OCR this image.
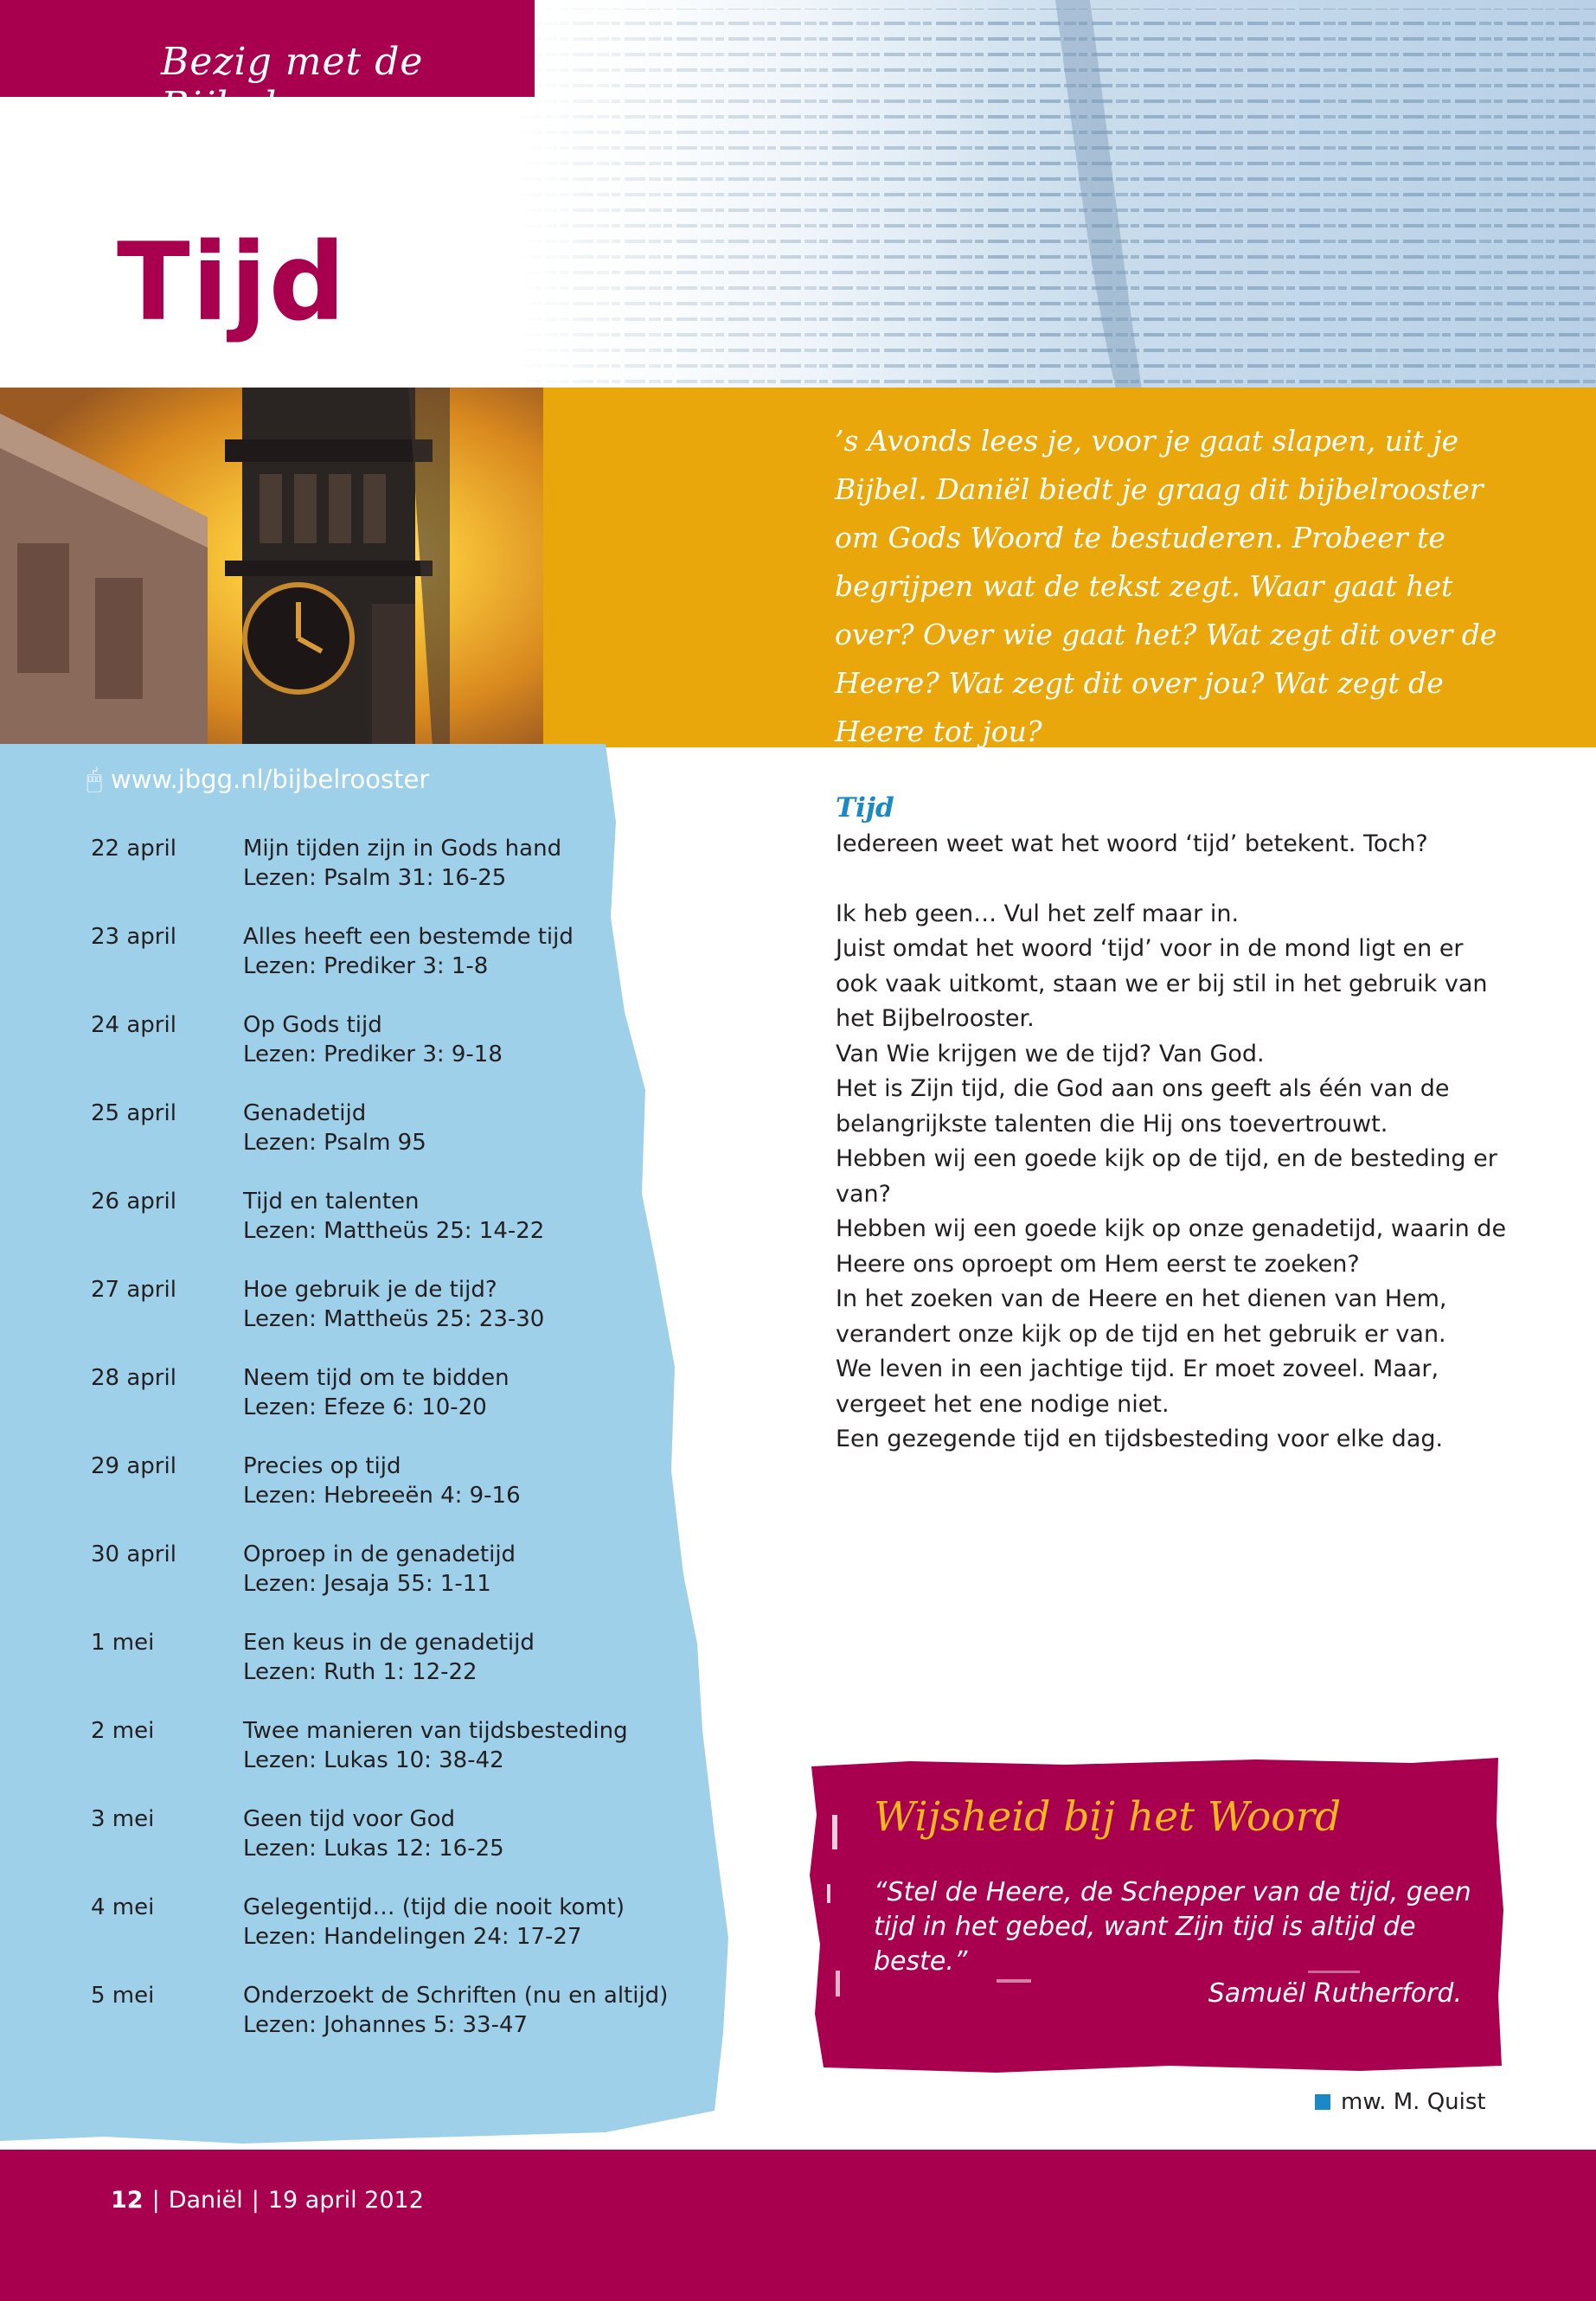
Bezig met de Bijbel
Tijd
’s Avonds lees je, voor je gaat slapen, uit je Bijbel. Daniël biedt je graag dit bijbelrooster om Gods Woord te bestuderen. Probeer te begrijpen wat de tekst zegt. Waar gaat het over? Over wie gaat het? Wat zegt dit over de Heere? Wat zegt dit over jou? Wat zegt de Heere tot jou?
🖱 www.jbgg.nl/bijbelrooster
22 april	Mijn tijden zijn in Gods hand
Lezen: Psalm 31: 16-25
23 april	Alles heeft een bestemde tijd
Lezen: Prediker 3: 1-8
24 april	Op Gods tijd
Lezen: Prediker 3: 9-18
25 april	Genadetijd
Lezen: Psalm 95
26 april	Tijd en talenten
Lezen: Mattheüs 25: 14-22
27 april	Hoe gebruik je de tijd?
Lezen: Mattheüs 25: 23-30
28 april	Neem tijd om te bidden
Lezen: Efeze 6: 10-20
29 april	Precies op tijd
Lezen: Hebreeën 4: 9-16
30 april	Oproep in de genadetijd
Lezen: Jesaja 55: 1-11
1 mei	Een keus in de genadetijd
Lezen: Ruth 1: 12-22
2 mei	Twee manieren van tijdsbesteding
Lezen: Lukas 10: 38-42
3 mei	Geen tijd voor God
Lezen: Lukas 12: 16-25
4 mei	Gelegentijd… (tijd die nooit komt)
Lezen: Handelingen 24: 17-27
5 mei	Onderzoekt de Schriften (nu en altijd)
Lezen: Johannes 5: 33-47
Tijd

Iedereen weet wat het woord ‘tijd’ betekent. Toch?

Ik heb geen… Vul het zelf maar in.

Juist omdat het woord ‘tijd’ voor in de mond ligt en er ook vaak uitkomt, staan we er bij stil in het gebruik van het Bijbelrooster.

Van Wie krijgen we de tijd? Van God.

Het is Zijn tijd, die God aan ons geeft als één van de belangrijkste talenten die Hij ons toevertrouwt.

Hebben wij een goede kijk op de tijd, en de besteding er van?

Hebben wij een goede kijk op onze genadetijd, waarin de Heere ons oproept om Hem eerst te zoeken?

In het zoeken van de Heere en het dienen van Hem, verandert onze kijk op de tijd en het gebruik er van.

We leven in een jachtige tijd. Er moet zoveel. Maar, vergeet het ene nodige niet.

Een gezegende tijd en tijdsbesteding voor elke dag.

Wijsheid bij het Woord
“Stel de Heere, de Schepper van de tijd, geen tijd in het gebed, want Zijn tijd is altijd de beste.”
Samuël Rutherford.
mw. M. Quist
12 | Daniël | 19 april 2012
